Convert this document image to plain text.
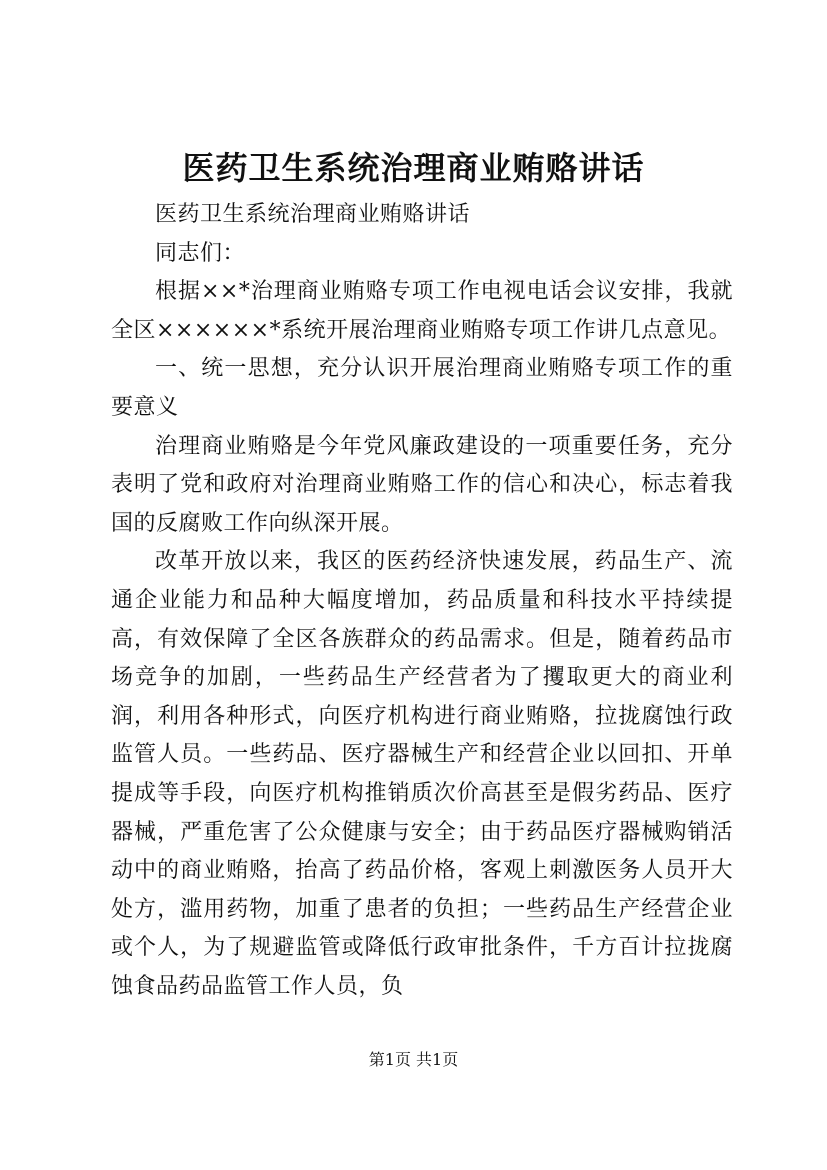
医药卫生系统治理商业贿赂讲话

医药卫生系统治理商业贿赂讲话

同志们：

根据××*治理商业贿赂专项工作电视电话会议安排，我就全区××××××*系统开展治理商业贿赂专项工作讲几点意见。

一、统一思想，充分认识开展治理商业贿赂专项工作的重要意义

治理商业贿赂是今年党风廉政建设的一项重要任务，充分表明了党和政府对治理商业贿赂工作的信心和决心，标志着我国的反腐败工作向纵深开展。

改革开放以来，我区的医药经济快速发展，药品生产、流通企业能力和品种大幅度增加，药品质量和科技水平持续提高，有效保障了全区各族群众的药品需求。但是，随着药品市场竞争的加剧，一些药品生产经营者为了攫取更大的商业利润，利用各种形式，向医疗机构进行商业贿赂，拉拢腐蚀行政监管人员。一些药品、医疗器械生产和经营企业以回扣、开单提成等手段，向医疗机构推销质次价高甚至是假劣药品、医疗器械，严重危害了公众健康与安全；由于药品医疗器械购销活动中的商业贿赂，抬高了药品价格，客观上刺激医务人员开大处方，滥用药物，加重了患者的负担；一些药品生产经营企业或个人，为了规避监管或降低行政审批条件，千方百计拉拢腐蚀食品药品监管工作人员，负

第1页 共1页
